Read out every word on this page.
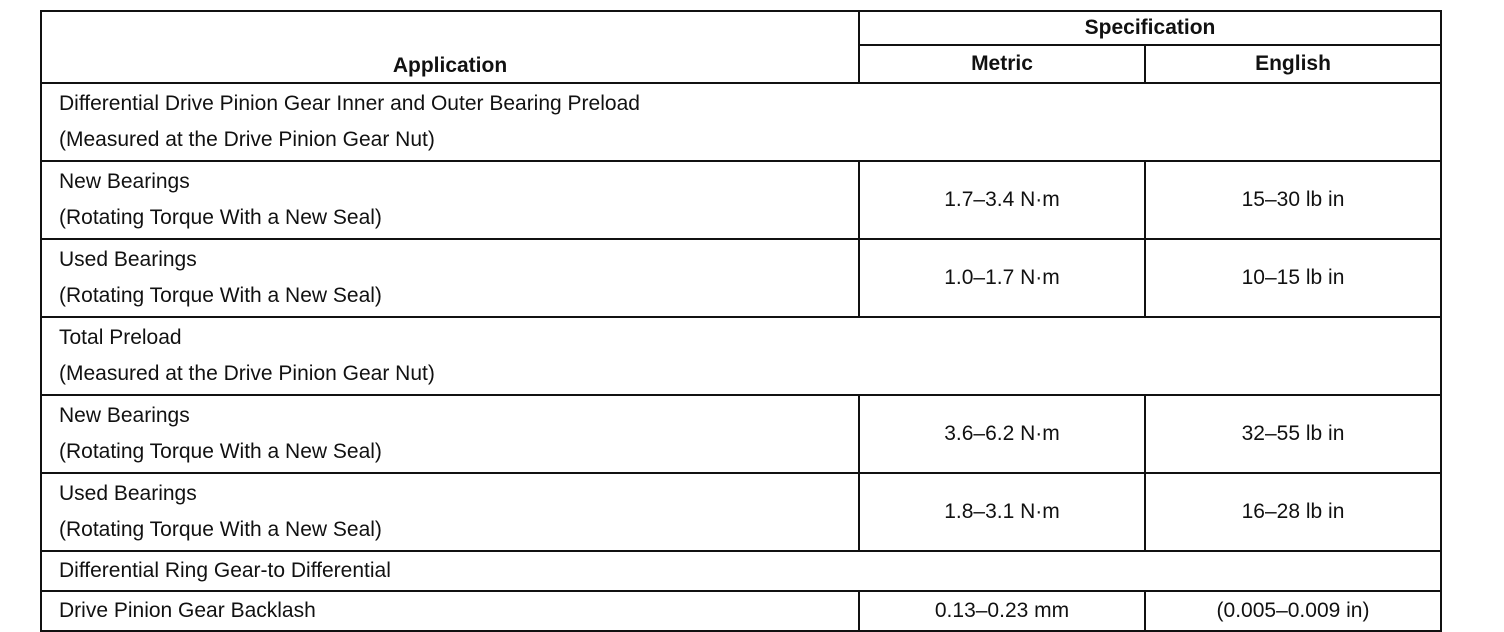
Application	Specification	
	Metric	English

Differential Drive Pinion Gear Inner and Outer Bearing Preload
(Measured at the Drive Pinion Gear Nut)		

New Bearings
(Rotating Torque With a New Seal)	1.7–3.4 N·m	15–30 lb in

Used Bearings
(Rotating Torque With a New Seal)	1.0–1.7 N·m	10–15 lb in

Total Preload
(Measured at the Drive Pinion Gear Nut)		

New Bearings
(Rotating Torque With a New Seal)	3.6–6.2 N·m	32–55 lb in

Used Bearings
(Rotating Torque With a New Seal)	1.8–3.1 N·m	16–28 lb in
Differential Ring Gear-to Differential		
Drive Pinion Gear Backlash	0.13–0.23 mm	(0.005–0.009 in)
